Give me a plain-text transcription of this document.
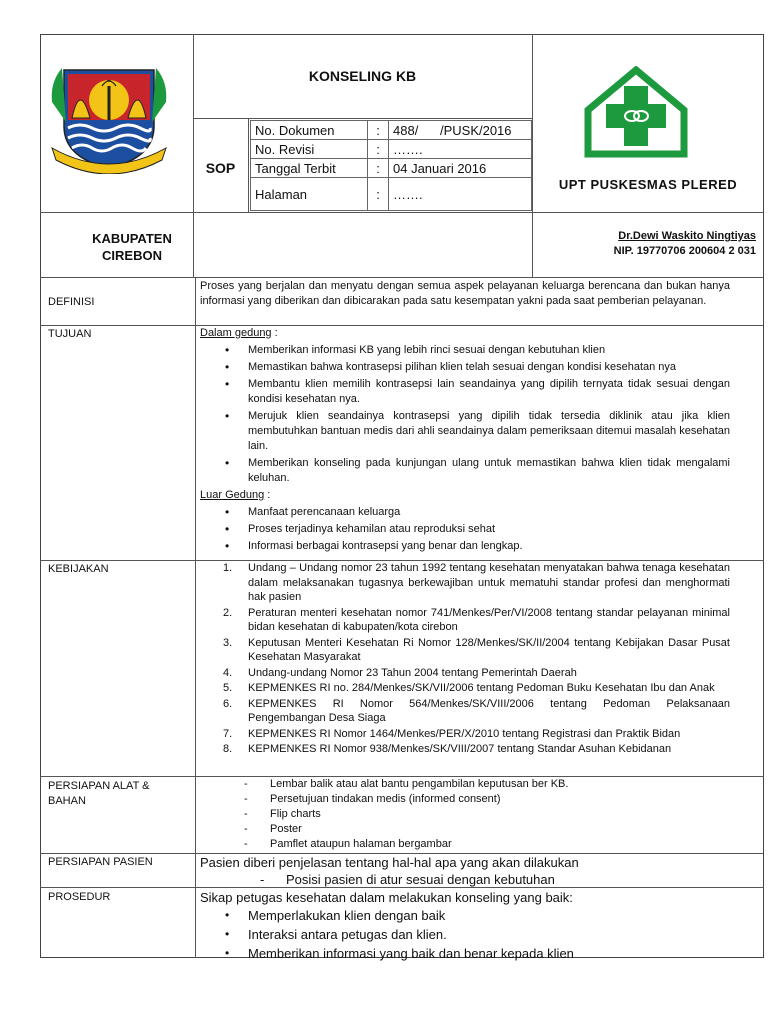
KONSELING KB
SOP
No. Dokumen	:	488/      /PUSK/2016
No. Revisi	:	…….
Tanggal Terbit	:	04 Januari 2016
Halaman	:	…….
UPT PUSKESMAS PLERED
KABUPATEN CIREBON
Dr.Dewi Waskito Ningtiyas
NIP. 19770706 200604 2 031
DEFINISI

Proses yang berjalan dan menyatu dengan semua aspek pelayanan keluarga berencana dan bukan hanya informasi yang diberikan dan dibicarakan pada satu kesempatan yakni pada saat pemberian pelayanan.

TUJUAN	Dalam gedung :

• Memberikan informasi KB yang lebih rinci sesuai dengan kebutuhan klien
• Memastikan bahwa kontrasepsi pilihan klien telah sesuai dengan kondisi kesehatan nya
• Membantu klien memilih kontrasepsi lain seandainya yang dipilih ternyata tidak sesuai dengan kondisi kesehatan nya.
• Merujuk klien seandainya kontrasepsi yang dipilih tidak tersedia diklinik atau jika klien membutuhkan bantuan medis dari ahli seandainya dalam pemeriksaan ditemui masalah kesehatan lain.
• Memberikan konseling pada kunjungan ulang untuk memastikan bahwa klien tidak mengalami keluhan.

Luar Gedung :

• Manfaat perencanaan keluarga
• Proses terjadinya kehamilan atau reproduksi sehat
• Informasi berbagai kontrasepsi yang benar dan lengkap.
KEBIJAKAN	1. Undang – Undang nomor 23 tahun 1992 tentang kesehatan menyatakan bahwa tenaga kesehatan dalam melaksanakan tugasnya berkewajiban untuk mematuhi standar profesi dan menghormati hak pasien
2. Peraturan menteri kesehatan nomor 741/Menkes/Per/VI/2008 tentang standar pelayanan minimal bidan kesehatan di kabupaten/kota cirebon
3. Keputusan Menteri Kesehatan Ri Nomor 128/Menkes/SK/II/2004 tentang Kebijakan Dasar Pusat Kesehatan Masyarakat
4. Undang-undang Nomor 23 Tahun 2004 tentang Pemerintah Daerah
5. KEPMENKES RI no. 284/Menkes/SK/VII/2006 tentang Pedoman Buku Kesehatan Ibu dan Anak
6. KEPMENKES RI Nomor 564/Menkes/SK/VIII/2006 tentang Pedoman Pelaksanaan Pengembangan Desa Siaga
7. KEPMENKES RI Nomor 1464/Menkes/PER/X/2010 tentang Registrasi dan Praktik Bidan
8. KEPMENKES RI Nomor 938/Menkes/SK/VIII/2007 tentang Standar Asuhan Kebidanan
PERSIAPAN ALAT & BAHAN
- Lembar balik atau alat bantu pengambilan keputusan ber KB.
- Persetujuan tindakan medis (informed consent)
- Flip charts
- Poster
- Pamflet ataupun halaman bergambar
PERSIAPAN PASIEN	Pasien diberi penjelasan tentang hal-hal apa yang akan dilakukan

- Posisi pasien di atur sesuai dengan kebutuhan
PROSEDUR	Sikap petugas kesehatan dalam melakukan konseling yang baik:

• Memperlakukan klien dengan baik
• Interaksi antara petugas dan klien.
• Memberikan informasi yang baik dan benar kepada klien
